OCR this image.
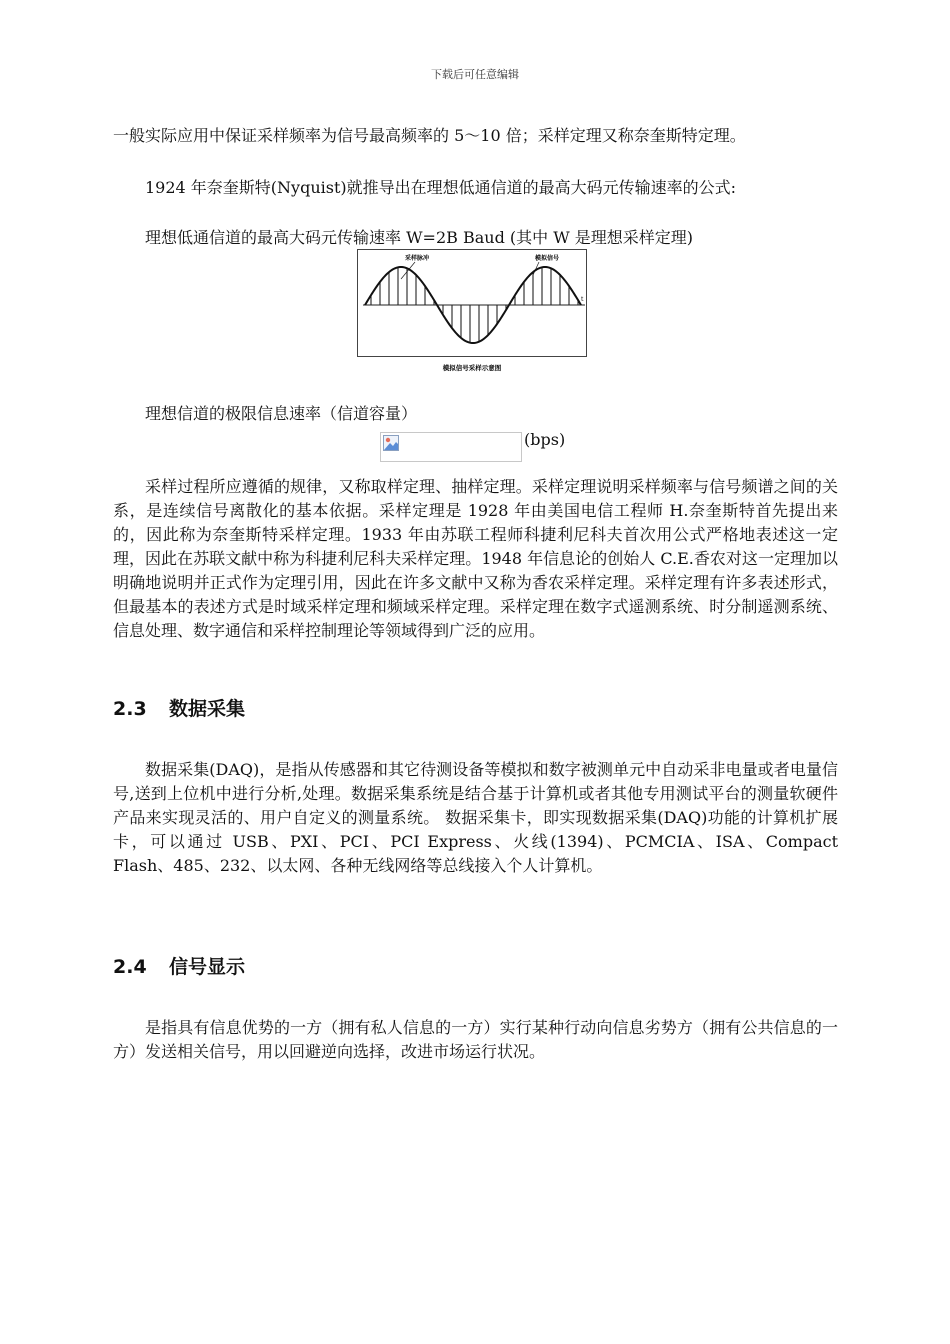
下载后可任意编辑

一般实际应用中保证采样频率为信号最高频率的 5～10 倍；采样定理又称奈奎斯特定理。

1924 年奈奎斯特(Nyquist)就推导出在理想低通信道的最高大码元传输速率的公式:

理想低通信道的最高大码元传输速率 W=2B Baud (其中 W 是理想采样定理)

t
采样脉冲	模拟信号
模拟信号采样示意图

理想信道的极限信息速率（信道容量）

(bps)

采样过程所应遵循的规律，又称取样定理、抽样定理。采样定理说明采样频率与信号频谱之间的关系，是连续信号离散化的基本依据。采样定理是 1928 年由美国电信工程师 H.奈奎斯特首先提出来的，因此称为奈奎斯特采样定理。1933 年由苏联工程师科捷利尼科夫首次用公式严格地表述这一定理，因此在苏联文献中称为科捷利尼科夫采样定理。1948 年信息论的创始人 C.E.香农对这一定理加以明确地说明并正式作为定理引用，因此在许多文献中又称为香农采样定理。采样定理有许多表述形式，但最基本的表述方式是时域采样定理和频域采样定理。采样定理在数字式遥测系统、时分制遥测系统、信息处理、数字通信和采样控制理论等领域得到广泛的应用。

2.3 数据采集

数据采集(DAQ)，是指从传感器和其它待测设备等模拟和数字被测单元中自动采非电量或者电量信号,送到上位机中进行分析,处理。数据采集系统是结合基于计算机或者其他专用测试平台的测量软硬件产品来实现灵活的、用户自定义的测量系统。 数据采集卡，即实现数据采集(DAQ)功能的计算机扩展卡，可以通过 USB、PXI、PCI、PCI Express、火线(1394)、PCMCIA、ISA、Compact Flash、485、232、以太网、各种无线网络等总线接入个人计算机。

2.4 信号显示

是指具有信息优势的一方（拥有私人信息的一方）实行某种行动向信息劣势方（拥有公共信息的一方）发送相关信号，用以回避逆向选择，改进市场运行状况。
